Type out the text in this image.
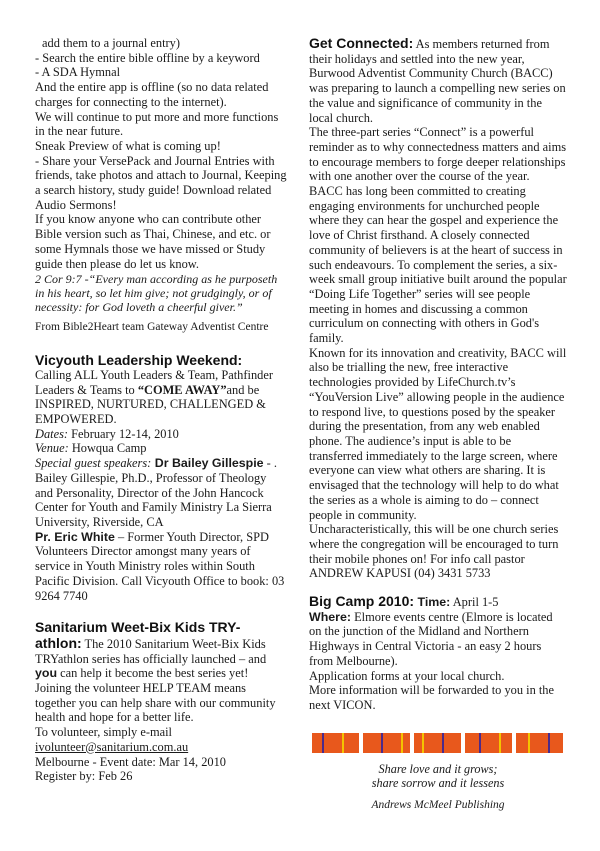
add them to a journal entry)

- Search the entire bible offline by a keyword

- A SDA Hymnal

And the entire app is offline (so no data related charges for connecting to the internet).

We will continue to put more and more functions in the near future.

Sneak Preview of what is coming up!

- Share your VersePack and Journal Entries with friends, take photos and attach to Journal, Keeping a search history, study guide! Download related Audio Sermons!

If you know anyone who can contribute other Bible version such as Thai, Chinese, and etc. or some Hymnals those we have missed or Study guide then please do let us know.

2 Cor 9:7 -“Every man according as he purposeth in his heart, so let him give; not grudgingly, or of necessity: for God loveth a cheerful giver.”

From Bible2Heart team Gateway Adventist Centre

Vicyouth Leadership Weekend:

Calling ALL Youth Leaders & Team, Pathfinder Leaders & Teams to “COME AWAY”and be INSPIRED, NURTURED, CHALLENGED & EMPOWERED.

Dates: February 12-14, 2010

Venue: Howqua Camp

Special guest speakers: Dr Bailey Gillespie - . Bailey Gillespie, Ph.D., Professor of Theology and Personality, Director of the John Hancock Center for Youth and Family Ministry La Sierra University, Riverside, CA

Pr. Eric White – Former Youth Director, SPD Volunteers Director amongst many years of service in Youth Ministry roles within South Pacific Division. Call Vicyouth Office to book: 03 9264 7740

Sanitarium Weet-Bix Kids TRY-athlon: The 2010 Sanitarium Weet-Bix Kids TRYathlon series has officially launched – and you can help it become the best series yet!

Joining the volunteer HELP TEAM means together you can help share with our community health and hope for a better life.

To volunteer, simply e-mail ivolunteer@sanitarium.com.au

Melbourne - Event date: Mar 14, 2010

Register by: Feb 26

Get Connected: As members returned from their holidays and settled into the new year, Burwood Adventist Community Church (BACC) was preparing to launch a compelling new series on the value and significance of community in the local church.

The three-part series “Connect” is a powerful reminder as to why connectedness matters and aims to encourage members to forge deeper relationships with one another over the course of the year.

BACC has long been committed to creating engaging environments for unchurched people where they can hear the gospel and experience the love of Christ firsthand. A closely connected community of believers is at the heart of success in such endeavours. To complement the series, a six-week small group initiative built around the popular “Doing Life Together” series will see people meeting in homes and discussing a common curriculum on connecting with others in God's family.

Known for its innovation and creativity, BACC will also be trialling the new, free interactive technologies provided by LifeChurch.tv’s “YouVersion Live” allowing people in the audience to respond live, to questions posed by the speaker during the presentation, from any web enabled phone. The audience’s input is able to be transferred immediately to the large screen, where everyone can view what others are sharing. It is envisaged that the technology will help to do what the series as a whole is aiming to do – connect people in community.

Uncharacteristically, this will be one church series where the congregation will be encouraged to turn their mobile phones on! For info call pastor ANDREW KAPUSI (04) 3431 5733

Big Camp 2010: Time: April 1-5

Where: Elmore events centre (Elmore is located on the junction of the Midland and Northern Highways in Central Victoria - an easy 2 hours from Melbourne).

Application forms at your local church.

More information will be forwarded to you in the next VICON.

Share love and it grows;

share sorrow and it lessens

Andrews McMeel Publishing
